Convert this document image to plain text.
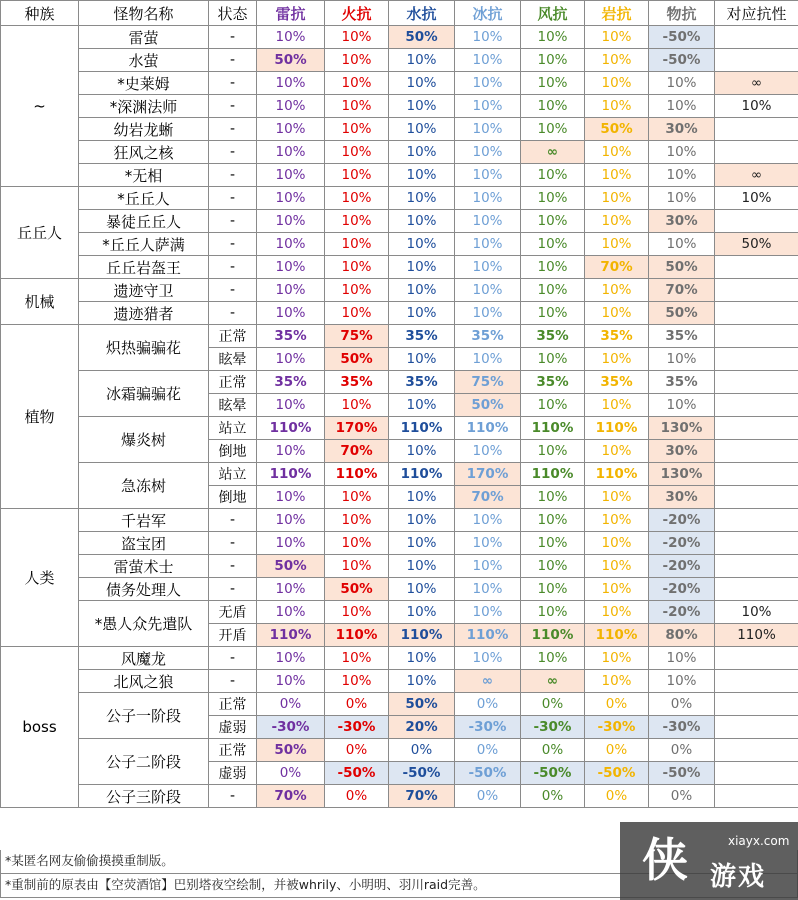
种族	怪物名称	状态	雷抗	火抗	水抗	冰抗	风抗	岩抗	物抗	对应抗性
~	雷萤	-	10%	10%	50%	10%	10%	10%	-50%	
	水萤	-	50%	10%	10%	10%	10%	10%	-50%	
	*史莱姆	-	10%	10%	10%	10%	10%	10%	10%	∞
	*深渊法师	-	10%	10%	10%	10%	10%	10%	10%	10%
	幼岩龙蜥	-	10%	10%	10%	10%	10%	50%	30%	
	狂风之核	-	10%	10%	10%	10%	∞	10%	10%	
	*无相	-	10%	10%	10%	10%	10%	10%	10%	∞
丘丘人	*丘丘人	-	10%	10%	10%	10%	10%	10%	10%	10%
	暴徒丘丘人	-	10%	10%	10%	10%	10%	10%	30%	
	*丘丘人萨满	-	10%	10%	10%	10%	10%	10%	10%	50%
	丘丘岩盔王	-	10%	10%	10%	10%	10%	70%	50%	
机械	遗迹守卫	-	10%	10%	10%	10%	10%	10%	70%	
	遗迹猎者	-	10%	10%	10%	10%	10%	10%	50%	
植物	炽热骗骗花	正常	35%	75%	35%	35%	35%	35%	35%	
		眩晕	10%	50%	10%	10%	10%	10%	10%	
	冰霜骗骗花	正常	35%	35%	35%	75%	35%	35%	35%	
		眩晕	10%	10%	10%	50%	10%	10%	10%	
	爆炎树	站立	110%	170%	110%	110%	110%	110%	130%	
		倒地	10%	70%	10%	10%	10%	10%	30%	
	急冻树	站立	110%	110%	110%	170%	110%	110%	130%	
		倒地	10%	10%	10%	70%	10%	10%	30%	
人类	千岩军	-	10%	10%	10%	10%	10%	10%	-20%	
	盗宝团	-	10%	10%	10%	10%	10%	10%	-20%	
	雷萤术士	-	50%	10%	10%	10%	10%	10%	-20%	
	债务处理人	-	10%	50%	10%	10%	10%	10%	-20%	
	*愚人众先遣队	无盾	10%	10%	10%	10%	10%	10%	-20%	10%
		开盾	110%	110%	110%	110%	110%	110%	80%	110%
boss	风魔龙	-	10%	10%	10%	10%	10%	10%	10%	
	北风之狼	-	10%	10%	10%	∞	∞	10%	10%	
	公子一阶段	正常	0%	0%	50%	0%	0%	0%	0%	
		虚弱	-30%	-30%	20%	-30%	-30%	-30%	-30%	
	公子二阶段	正常	50%	0%	0%	0%	0%	0%	0%	
		虚弱	0%	-50%	-50%	-50%	-50%	-50%	-50%	
	公子三阶段	-	70%	0%	70%	0%	0%	0%	0%	
*某匿名网友偷偷摸摸重制版。
*重制前的原表由【空荧酒馆】巴别塔夜空绘制，并被whrily、小明明、羽川raid完善。	侠	xiayx.com
游戏
